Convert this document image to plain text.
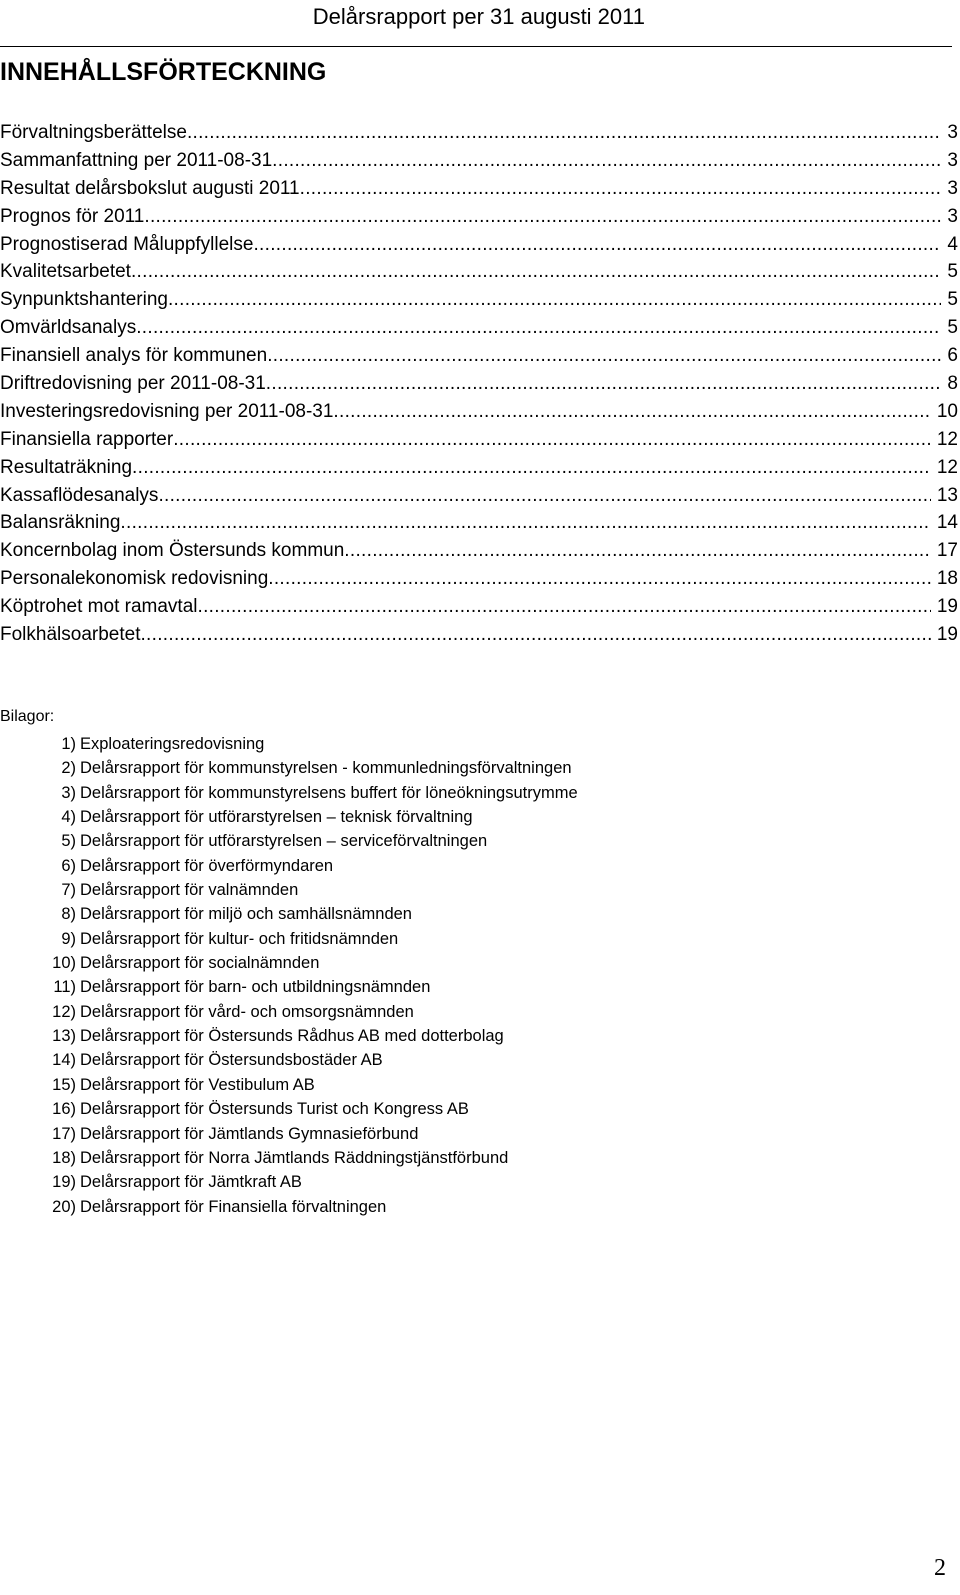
Delårsrapport per 31 augusti 2011
INNEHÅLLSFÖRTECKNING
Förvaltningsberättelse .....	3
Sammanfattning per 2011-08-31 .....	3
Resultat delårsbokslut augusti 2011 .....	3
Prognos för 2011 .....	3
Prognostiserad Måluppfyllelse .....	4
Kvalitetsarbetet .....	5
Synpunktshantering .....	5
Omvärldsanalys .....	5
Finansiell analys för kommunen .....	6
Driftredovisning per 2011-08-31 .....	8
Investeringsredovisning per 2011-08-31 .....	10
Finansiella rapporter .....	12
Resultaträkning .....	12
Kassaflödesanalys .....	13
Balansräkning .....	14
Koncernbolag inom Östersunds kommun .....	17
Personalekonomisk redovisning .....	18
Köptrohet mot ramavtal .....	19
Folkhälsoarbetet .....	19
Bilagor:
1) Exploateringsredovisning
2) Delårsrapport för kommunstyrelsen - kommunledningsförvaltningen
3) Delårsrapport för kommunstyrelsens buffert för löneökningsutrymme
4) Delårsrapport för utförarstyrelsen – teknisk förvaltning
5) Delårsrapport för utförarstyrelsen – serviceförvaltningen
6) Delårsrapport för överförmyndaren
7) Delårsrapport för valnämnden
8) Delårsrapport för miljö och samhällsnämnden
9) Delårsrapport för kultur- och fritidsnämnden
10) Delårsrapport för socialnämnden
11) Delårsrapport för barn- och utbildningsnämnden
12) Delårsrapport för vård- och omsorgsnämnden
13) Delårsrapport för Östersunds Rådhus AB med dotterbolag
14) Delårsrapport för Östersundsbostäder AB
15) Delårsrapport för Vestibulum AB
16) Delårsrapport för Östersunds Turist och Kongress AB
17) Delårsrapport för Jämtlands Gymnasieförbund
18) Delårsrapport för Norra Jämtlands Räddningstjänstförbund
19) Delårsrapport för Jämtkraft AB
20) Delårsrapport för Finansiella förvaltningen
2
